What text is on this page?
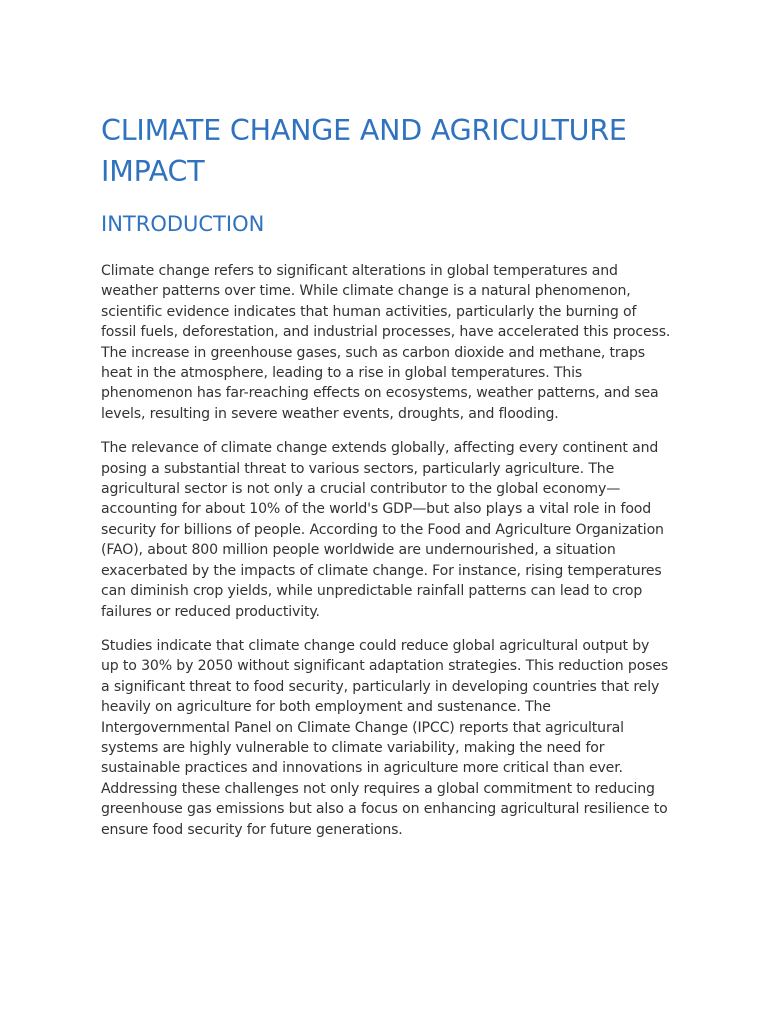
CLIMATE CHANGE AND AGRICULTURE IMPACT
INTRODUCTION

Climate change refers to significant alterations in global temperatures and weather patterns over time. While climate change is a natural phenomenon, scientific evidence indicates that human activities, particularly the burning of fossil fuels, deforestation, and industrial processes, have accelerated this process. The increase in greenhouse gases, such as carbon dioxide and methane, traps heat in the atmosphere, leading to a rise in global temperatures. This phenomenon has far-reaching effects on ecosystems, weather patterns, and sea levels, resulting in severe weather events, droughts, and flooding.

The relevance of climate change extends globally, affecting every continent and posing a substantial threat to various sectors, particularly agriculture. The agricultural sector is not only a crucial contributor to the global economy—accounting for about 10% of the world's GDP—but also plays a vital role in food security for billions of people. According to the Food and Agriculture Organization (FAO), about 800 million people worldwide are undernourished, a situation exacerbated by the impacts of climate change. For instance, rising temperatures can diminish crop yields, while unpredictable rainfall patterns can lead to crop failures or reduced productivity.

Studies indicate that climate change could reduce global agricultural output by up to 30% by 2050 without significant adaptation strategies. This reduction poses a significant threat to food security, particularly in developing countries that rely heavily on agriculture for both employment and sustenance. The Intergovernmental Panel on Climate Change (IPCC) reports that agricultural systems are highly vulnerable to climate variability, making the need for sustainable practices and innovations in agriculture more critical than ever. Addressing these challenges not only requires a global commitment to reducing greenhouse gas emissions but also a focus on enhancing agricultural resilience to ensure food security for future generations.
